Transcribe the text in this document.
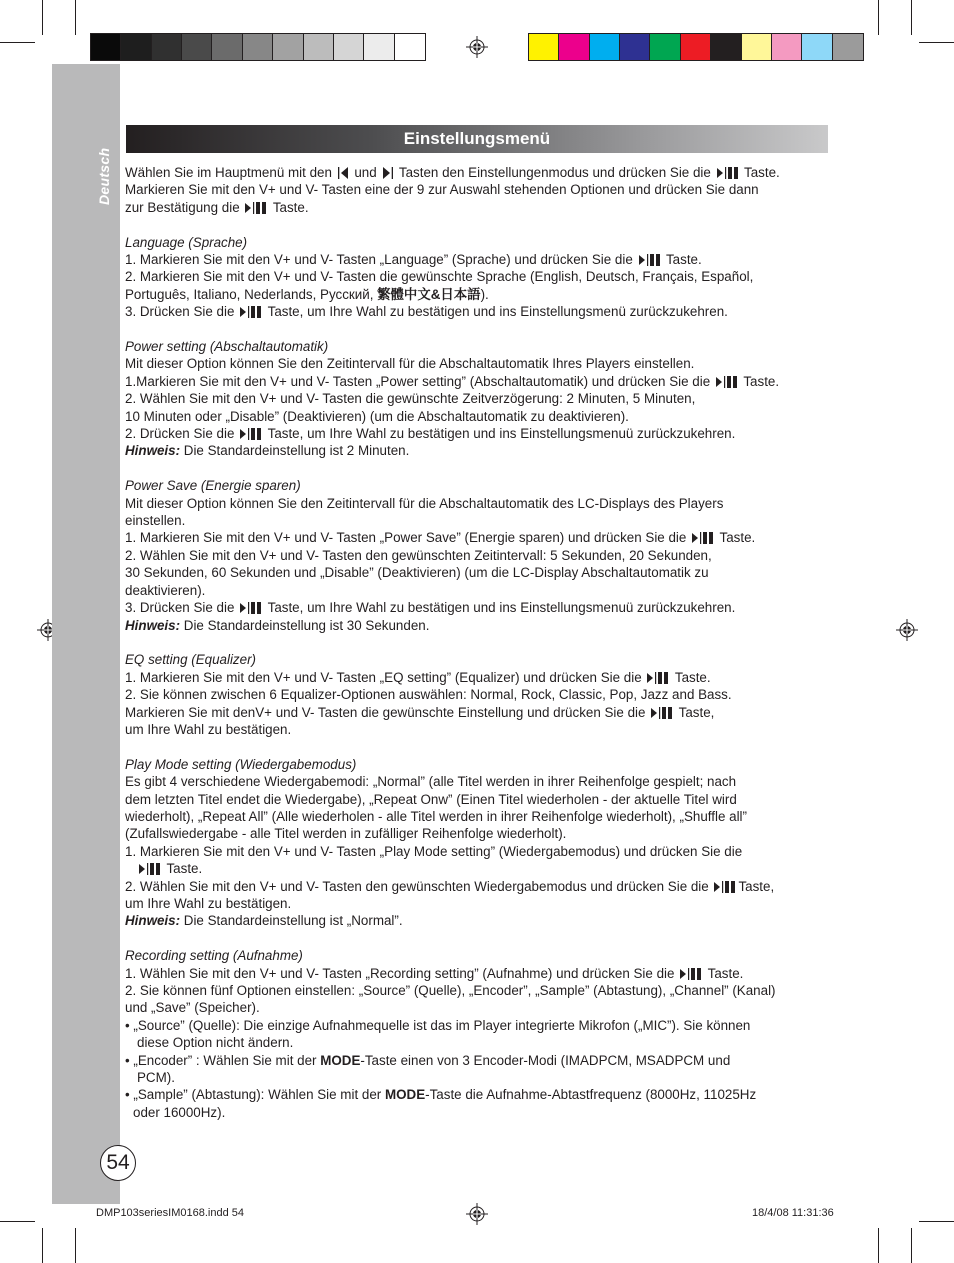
Deutsch
54
Einstellungsmenü

Wählen Sie im Hauptmenü mit den  und  Tasten den Einstellungenmodus und drücken Sie die  Taste.

Markieren Sie mit den V+ und V- Tasten eine der 9 zur Auswahl stehenden Optionen und drücken Sie dann

zur Bestätigung die  Taste.

Language (Sprache)

1. Markieren Sie mit den V+ und V- Tasten „Language” (Sprache) und drücken Sie die  Taste.

2. Markieren Sie mit den V+ und V- Tasten die gewünschte Sprache (English, Deutsch, Français, Español,

Português, Italiano, Nederlands, Русский, 繁體中文&日本語).

3. Drücken Sie die  Taste, um Ihre Wahl zu bestätigen und ins Einstellungsmenü zurückzukehren.

Power setting (Abschaltautomatik)

Mit dieser Option können Sie den Zeitintervall für die Abschaltautomatik Ihres Players einstellen.

1.Markieren Sie mit den V+ und V- Tasten „Power setting” (Abschaltautomatik) und drücken Sie die  Taste.

2. Wählen Sie mit den V+ und V- Tasten die gewünschte Zeitverzögerung: 2 Minuten, 5 Minuten,

10 Minuten oder „Disable” (Deaktivieren) (um die Abschaltautomatik zu deaktivieren).

2. Drücken Sie die  Taste, um Ihre Wahl zu bestätigen und ins Einstellungsmenuü zurückzukehren.

Hinweis: Die Standardeinstellung ist 2 Minuten.

Power Save (Energie sparen)

Mit dieser Option können Sie den Zeitintervall für die Abschaltautomatik des LC-Displays des Players

einstellen.

1. Markieren Sie mit den V+ und V- Tasten „Power Save” (Energie sparen) und drücken Sie die  Taste.

2. Wählen Sie mit den V+ und V- Tasten den gewünschten Zeitintervall: 5 Sekunden, 20 Sekunden,

30 Sekunden, 60 Sekunden und „Disable” (Deaktivieren) (um die LC-Display Abschaltautomatik zu

deaktivieren).

3. Drücken Sie die  Taste, um Ihre Wahl zu bestätigen und ins Einstellungsmenuü zurückzukehren.

Hinweis: Die Standardeinstellung ist 30 Sekunden.

EQ setting (Equalizer)

1. Markieren Sie mit den V+ und V- Tasten „EQ setting” (Equalizer) und drücken Sie die  Taste.

2. Sie können zwischen 6 Equalizer-Optionen auswählen: Normal, Rock, Classic, Pop, Jazz and Bass.

Markieren Sie mit denV+ und V- Tasten die gewünschte Einstellung und drücken Sie die  Taste,

um Ihre Wahl zu bestätigen.

Play Mode setting (Wiedergabemodus)

Es gibt 4 verschiedene Wiedergabemodi: „Normal” (alle Titel werden in ihrer Reihenfolge gespielt; nach

dem letzten Titel endet die Wiedergabe), „Repeat Onw” (Einen Titel wiederholen - der aktuelle Titel wird

wiederholt), „Repeat All” (Alle wiederholen - alle Titel werden in ihrer Reihenfolge wiederholt), „Shuffle all”

(Zufallswiedergabe - alle Titel werden in zufälliger Reihenfolge wiederholt).

1. Markieren Sie mit den V+ und V- Tasten „Play Mode setting” (Wiedergabemodus) und drücken Sie die

Taste.

2. Wählen Sie mit den V+ und V- Tasten den gewünschten Wiedergabemodus und drücken Sie die Taste,

um Ihre Wahl zu bestätigen.

Hinweis: Die Standardeinstellung ist „Normal”.

Recording setting (Aufnahme)

1. Wählen Sie mit den V+ und V- Tasten „Recording setting” (Aufnahme) und drücken Sie die  Taste.

2. Sie können fünf Optionen einstellen: „Source” (Quelle), „Encoder”, „Sample” (Abtastung), „Channel” (Kanal)

und „Save” (Speicher).

• „Source” (Quelle): Die einzige Aufnahmequelle ist das im Player integrierte Mikrofon („MIC”). Sie können

diese Option nicht ändern.

• „Encoder” : Wählen Sie mit der MODE-Taste einen von 3 Encoder-Modi (IMADPCM, MSADPCM und

PCM).

• „Sample” (Abtastung): Wählen Sie mit der MODE-Taste die Aufnahme-Abtastfrequenz (8000Hz, 11025Hz

oder 16000Hz).

DMP103seriesIM0168.indd 54	18/4/08 11:31:36
